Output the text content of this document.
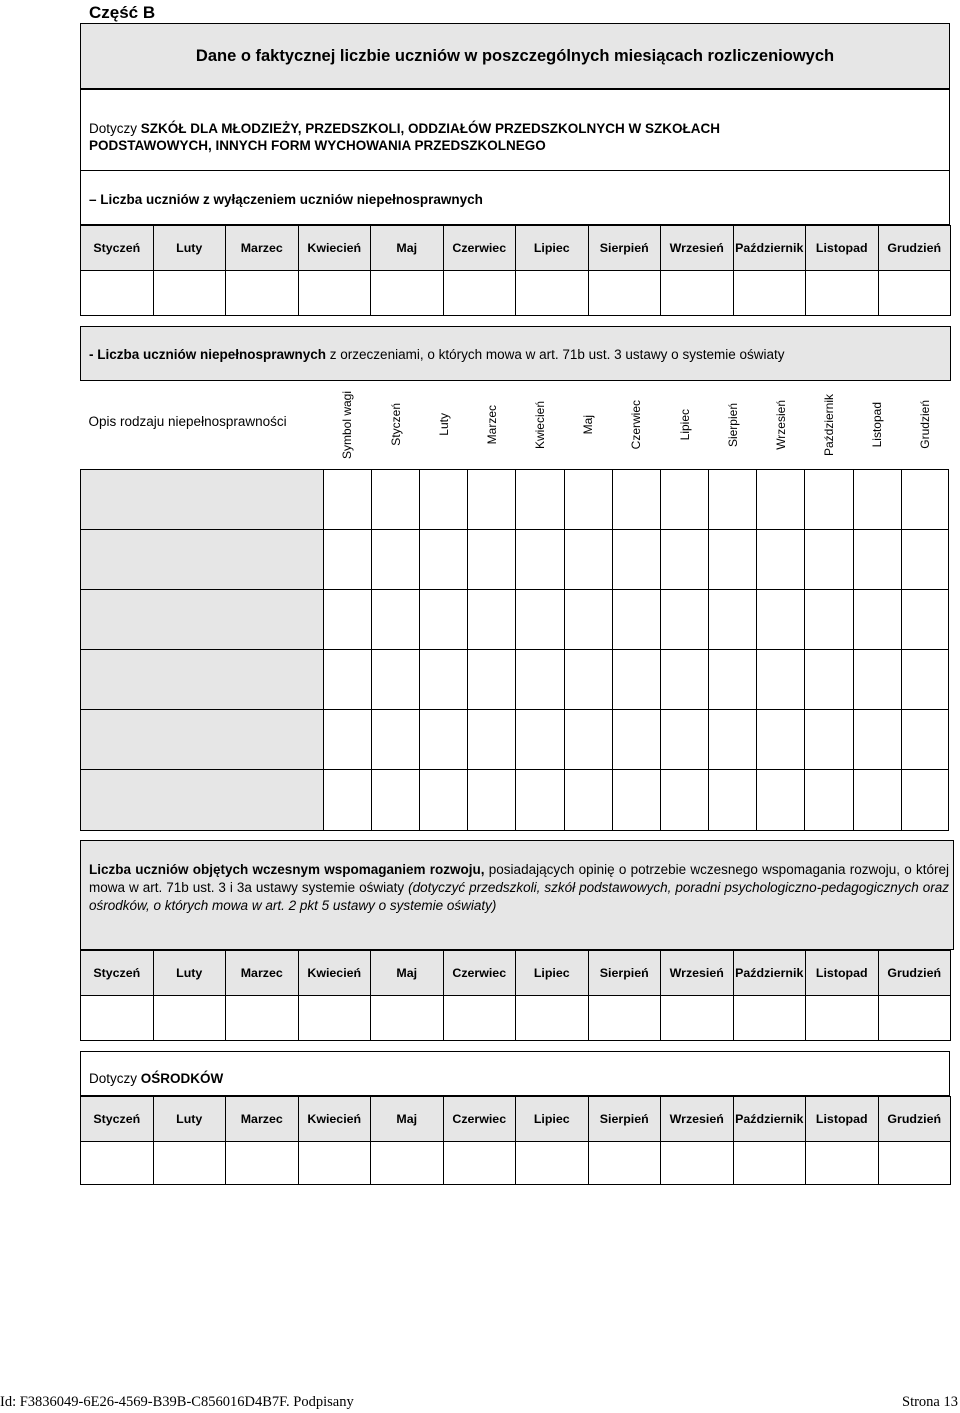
Część B
Dane o faktycznej liczbie uczniów w poszczególnych miesiącach rozliczeniowych
Dotyczy SZKÓŁ DLA MŁODZIEŻY, PRZEDSZKOLI, ODDZIAŁÓW PRZEDSZKOLNYCH W SZKOŁACH
PODSTAWOWYCH, INNYCH FORM WYCHOWANIA PRZEDSZKOLNEGO
– Liczba uczniów z wyłączeniem uczniów niepełnosprawnych
Styczeń	Luty	Marzec	Kwiecień	Maj	Czerwiec	Lipiec	Sierpień	Wrzesień	Październik	Listopad	Grudzień

- Liczba uczniów niepełnosprawnych z orzeczeniami, o których mowa w art. 71b ust. 3 ustawy o systemie oświaty
Opis rodzaju niepełnosprawności	Symbol wagi	Styczeń	Luty	Marzec	Kwiecień	Maj	Czerwiec	Lipiec	Sierpień	Wrzesień	Październik	Listopad	Grudzień

Liczba uczniów objętych wczesnym wspomaganiem rozwoju, posiadających opinię o potrzebie wczesnego wspomagania rozwoju, o której mowa w art. 71b ust. 3 i 3a ustawy systemie oświaty (dotyczyć przedszkoli, szkół podstawowych, poradni psychologiczno-pedagogicznych oraz ośrodków, o których mowa w art. 2 pkt 5 ustawy o systemie oświaty)
Styczeń	Luty	Marzec	Kwiecień	Maj	Czerwiec	Lipiec	Sierpień	Wrzesień	Październik	Listopad	Grudzień

Dotyczy OŚRODKÓW
Styczeń	Luty	Marzec	Kwiecień	Maj	Czerwiec	Lipiec	Sierpień	Wrzesień	Październik	Listopad	Grudzień

Id: F3836049-6E26-4569-B39B-C856016D4B7F. Podpisany	Strona 13
